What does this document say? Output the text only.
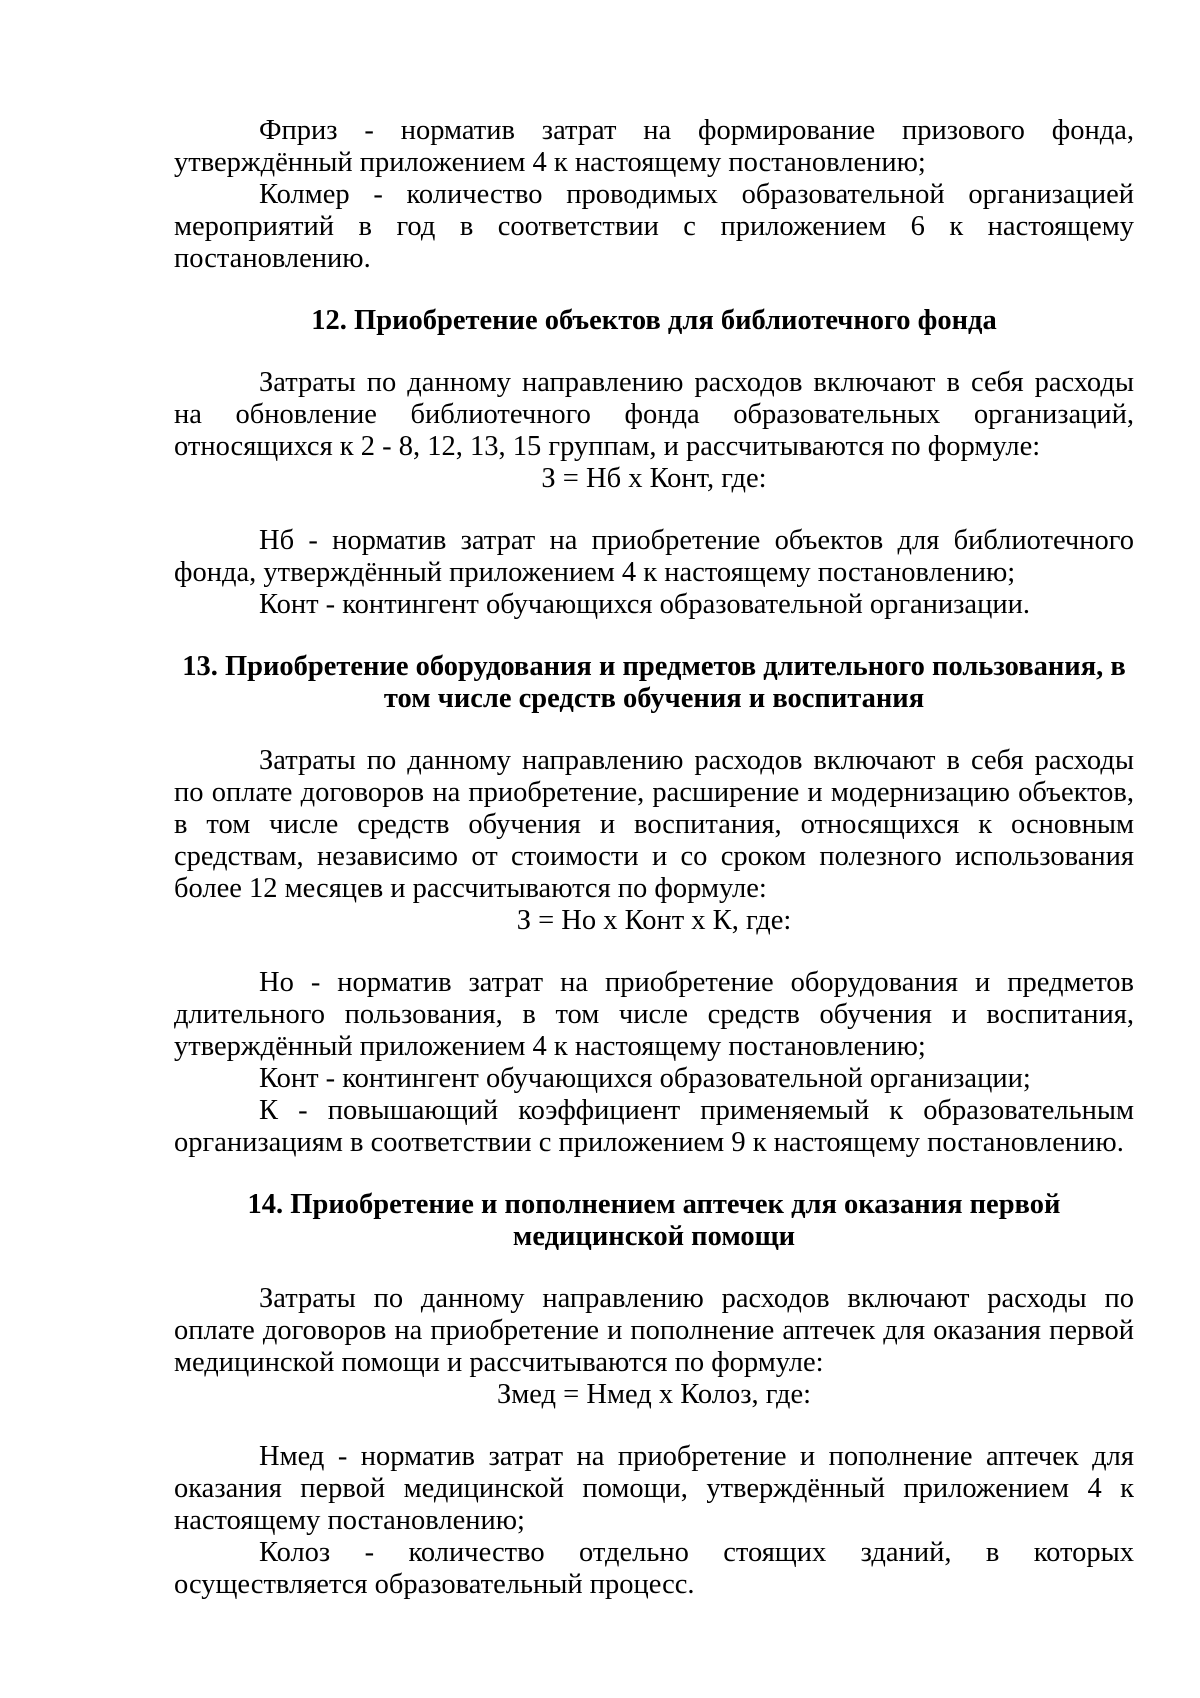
Фприз - норматив затрат на формирование призового фонда, утверждённый приложением 4 к настоящему постановлению;

Колмер - количество проводимых образовательной организацией мероприятий в год в соответствии с приложением 6 к настоящему постановлению.

12. Приобретение объектов для библиотечного фонда

Затраты по данному направлению расходов включают в себя расходы на обновление библиотечного фонда образовательных организаций, относящихся к 2 - 8, 12, 13, 15 группам, и рассчитываются по формуле:

З = Нб х Конт, где:

Нб - норматив затрат на приобретение объектов для библиотечного фонда, утверждённый приложением 4 к настоящему постановлению;

Конт - контингент обучающихся образовательной организации.

13. Приобретение оборудования и предметов длительного пользования, в
том числе средств обучения и воспитания

Затраты по данному направлению расходов включают в себя расходы по оплате договоров на приобретение, расширение и модернизацию объектов, в том числе средств обучения и воспитания, относящихся к основным средствам, независимо от стоимости и со сроком полезного использования более 12 месяцев и рассчитываются по формуле:

З = Но х Конт х К, где:

Но - норматив затрат на приобретение оборудования и предметов длительного пользования, в том числе средств обучения и воспитания, утверждённый приложением 4 к настоящему постановлению;

Конт - контингент обучающихся образовательной организации;

К - повышающий коэффициент применяемый к образовательным организациям в соответствии с приложением 9 к настоящему постановлению.

14. Приобретение и пополнением аптечек для оказания первой
медицинской помощи

Затраты по данному направлению расходов включают расходы по оплате договоров на приобретение и пополнение аптечек для оказания первой медицинской помощи и рассчитываются по формуле:

Змед = Нмед х Колоз, где:

Нмед - норматив затрат на приобретение и пополнение аптечек для оказания первой медицинской помощи, утверждённый приложением 4 к настоящему постановлению;

Колоз - количество отдельно стоящих зданий, в которых осуществляется образовательный процесс.
